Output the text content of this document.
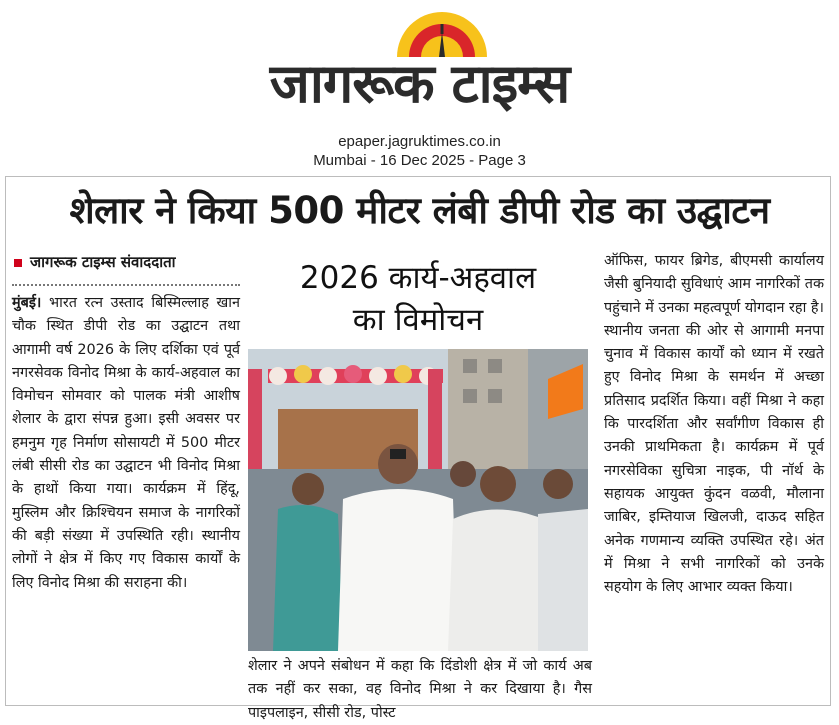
जागरूक टाइम्स
epaper.jagruktimes.co.in
Mumbai - 16 Dec 2025 - Page 3
शेलार ने किया 500 मीटर लंबी डीपी रोड का उद्घाटन
जागरूक टाइम्स संवाददाता
मुंबई। भारत रत्न उस्ताद बिस्मिल्लाह खान चौक स्थित डीपी रोड का उद्घाटन तथा आगामी वर्ष 2026 के लिए दर्शिका एवं पूर्व नगरसेवक विनोद मिश्रा के कार्य-अहवाल का विमोचन सोमवार को पालक मंत्री आशीष शेलार के द्वारा संपन्न हुआ। इसी अवसर पर हमनुम गृह निर्माण सोसायटी में 500 मीटर लंबी सीसी रोड का उद्घाटन भी विनोद मिश्रा के हाथों किया गया। कार्यक्रम में हिंदू, मुस्लिम और क्रिश्चियन समाज के नागरिकों की बड़ी संख्या में उपस्थिति रही। स्थानीय लोगों ने क्षेत्र में किए गए विकास कार्यों के लिए विनोद मिश्रा की सराहना की।
2026 कार्य-अहवाल
का विमोचन
शेलार ने अपने संबोधन में कहा कि दिंडोशी क्षेत्र में जो कार्य अब तक नहीं कर सका, वह विनोद मिश्रा ने कर दिखाया है। गैस पाइपलाइन, सीसी रोड, पोस्ट
ऑफिस, फायर ब्रिगेड, बीएमसी कार्यालय जैसी बुनियादी सुविधाएं आम नागरिकों तक पहुंचाने में उनका महत्वपूर्ण योगदान रहा है। स्थानीय जनता की ओर से आगामी मनपा चुनाव में विकास कार्यों को ध्यान में रखते हुए विनोद मिश्रा के समर्थन में अच्छा प्रतिसाद प्रदर्शित किया। वहीं मिश्रा ने कहा कि पारदर्शिता और सर्वांगीण विकास ही उनकी प्राथमिकता है। कार्यक्रम में पूर्व नगरसेविका सुचित्रा नाइक, पी नॉर्थ के सहायक आयुक्त कुंदन वळवी, मौलाना जाबिर, इम्तियाज खिलजी, दाऊद सहित अनेक गणमान्य व्यक्ति उपस्थित रहे। अंत में मिश्रा ने सभी नागरिकों को उनके सहयोग के लिए आभार व्यक्त किया।
